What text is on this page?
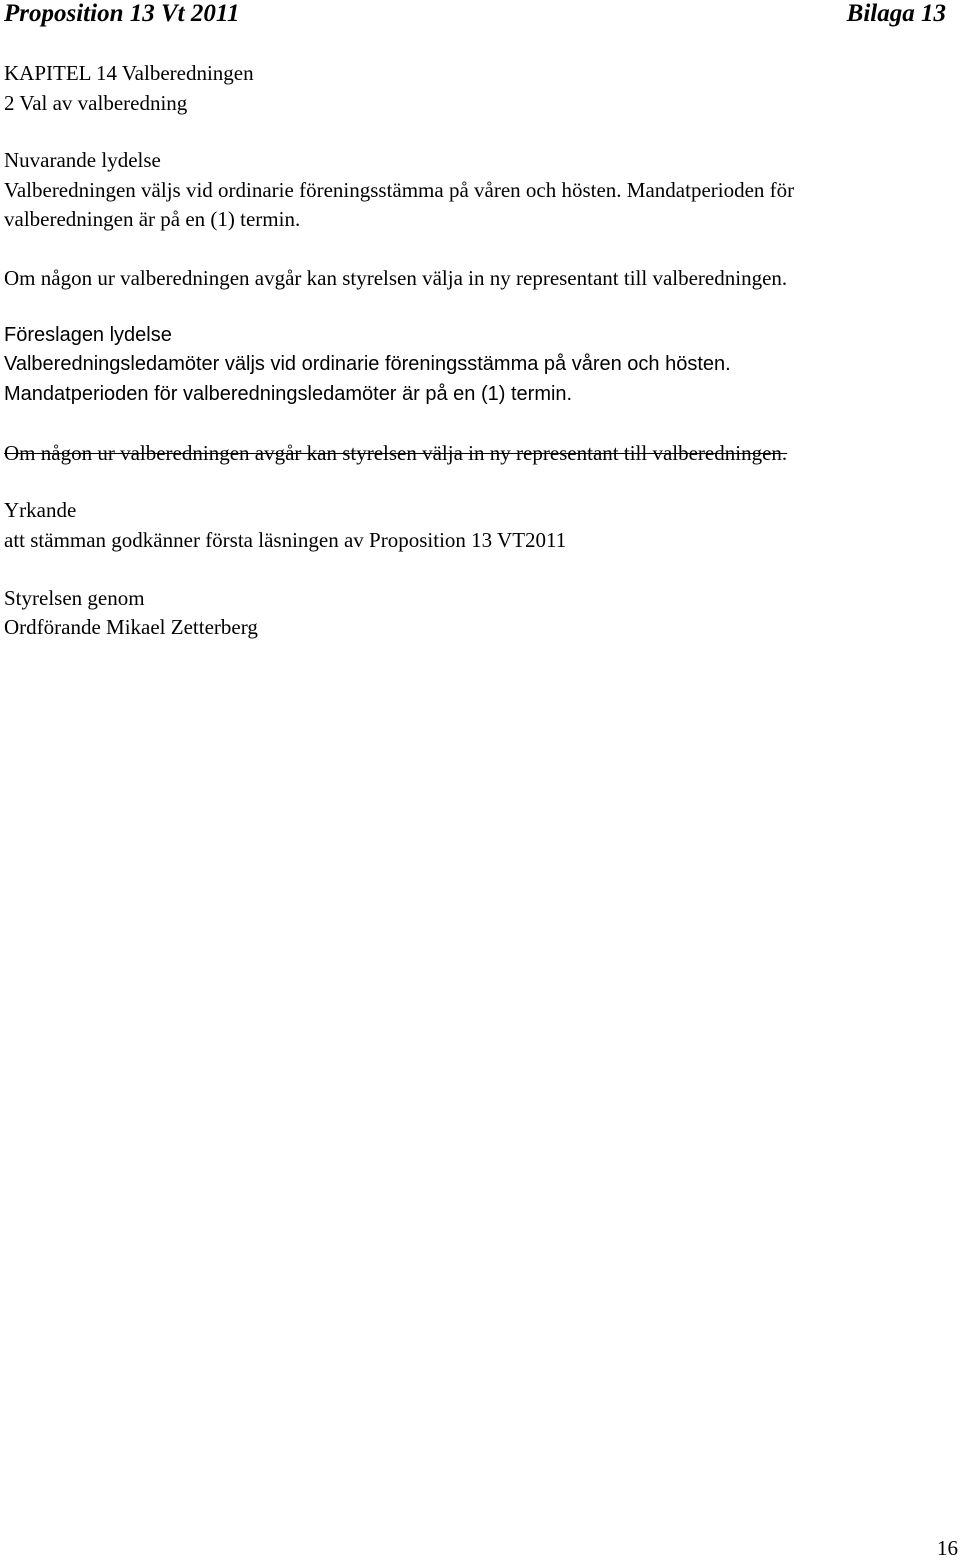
Proposition 13 Vt 2011	Bilaga 13
KAPITEL 14 Valberedningen
2 Val av valberedning
Nuvarande lydelse
Valberedningen väljs vid ordinarie föreningsstämma på våren och hösten. Mandatperioden för
valberedningen är på en (1) termin.
Om någon ur valberedningen avgår kan styrelsen välja in ny representant till valberedningen.
Föreslagen lydelse
Valberedningsledamöter väljs vid ordinarie föreningsstämma på våren och hösten.
Mandatperioden för valberedningsledamöter är på en (1) termin.
Om någon ur valberedningen avgår kan styrelsen välja in ny representant till valberedningen.
Yrkande
att stämman godkänner första läsningen av Proposition 13 VT2011
Styrelsen genom
Ordförande Mikael Zetterberg
16
